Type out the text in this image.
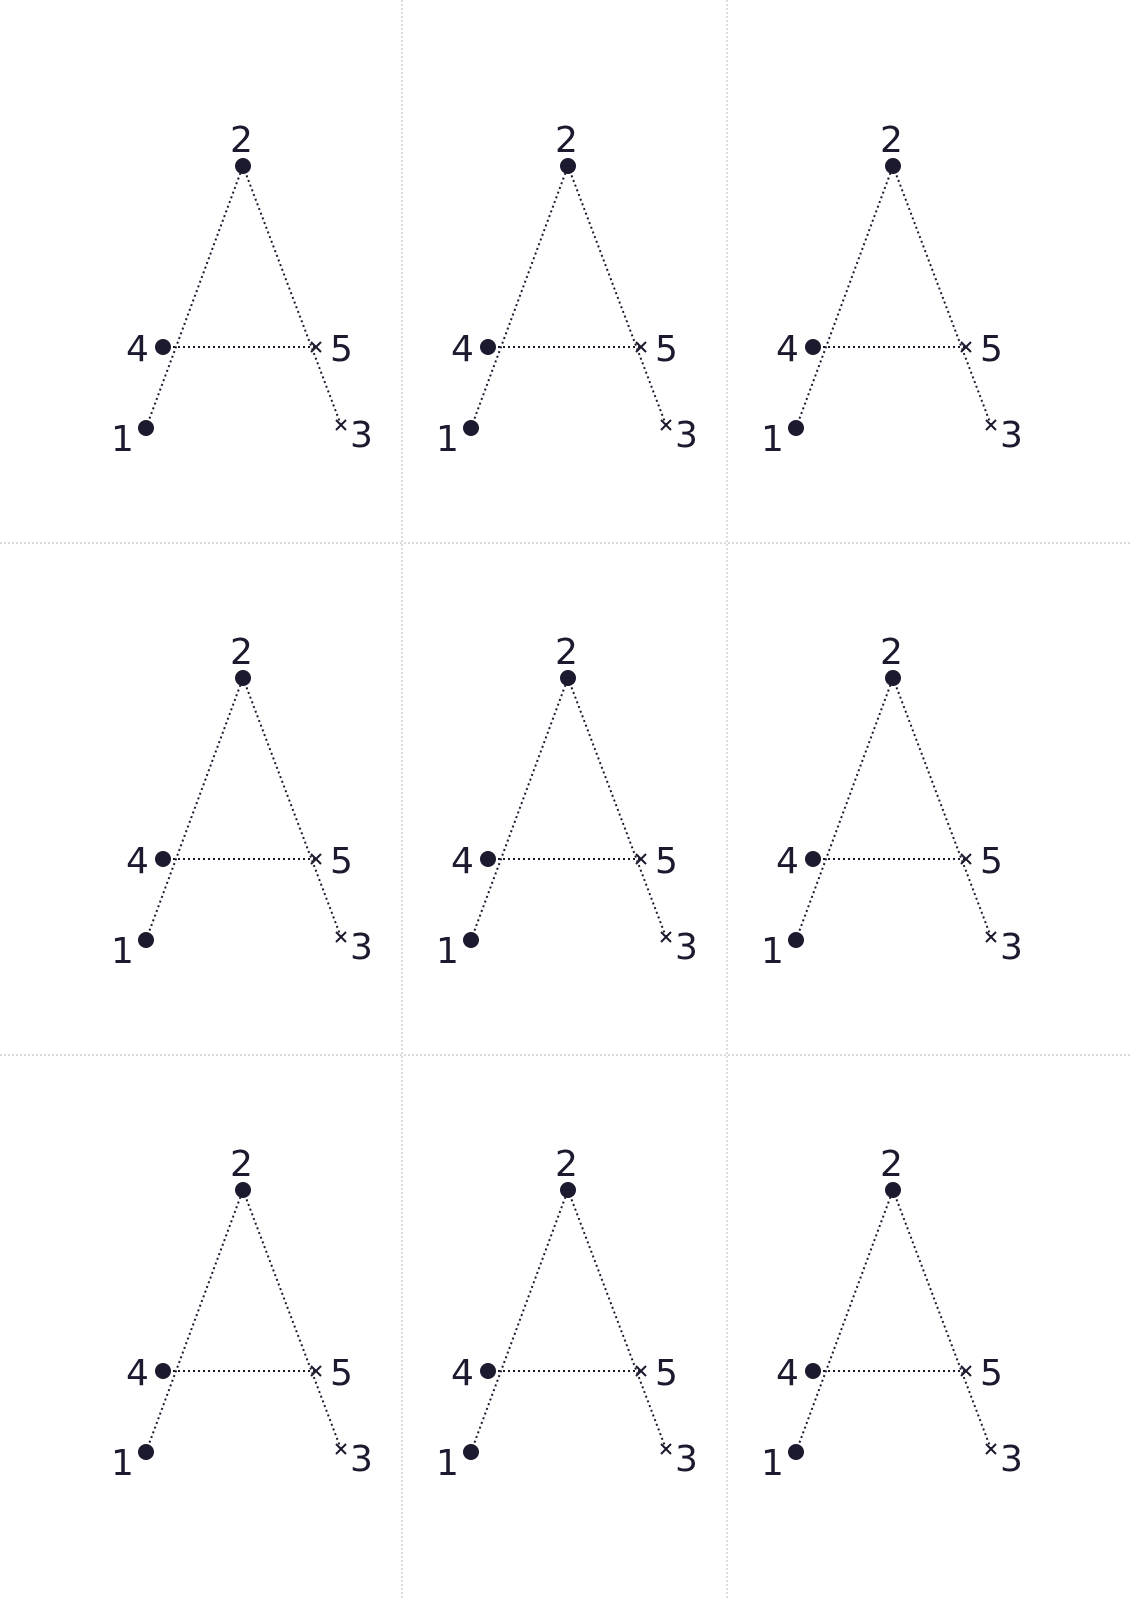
1
2
3
4	5
1
2
3
4	5
1
2
3
4	5
1
2
3
4	5
1
2
3
4	5
1
2
3
4	5
1
2
3
4	5
1
2
3
4	5
1
2
3
4	5
